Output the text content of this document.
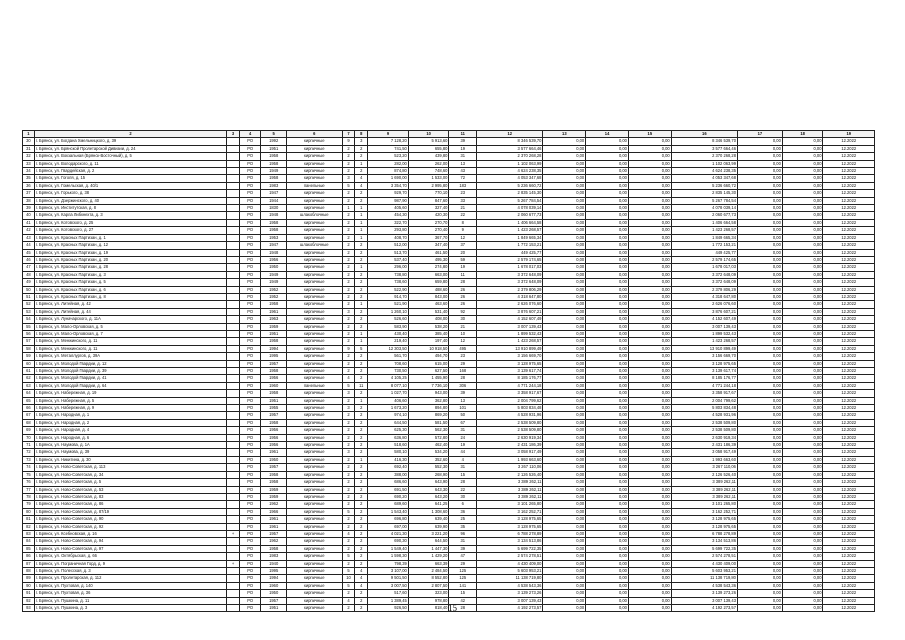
1	2	3	4	5	6	7	8	9	10	11	12	13	14	15	16	17	18	19
30	г. Брянск, ул. Богдана Хмельницкого, д. 39		РО	1992	кирпичные	9	3	7 128,20	5 913,60	39	8 346 539,70	0,00	0,00	0,00	8 346 539,70	0,00	0,00	12.2022
31	г. Брянск, ул. Брянской Пролетарской Дивизии, д. 24		РО	1951	кирпичные	2	2	741,50	655,80	19	3 577 664,46	0,00	0,00	0,00	3 577 664,46	0,00	0,00	12.2022
32	г. Брянск, ул. Вокзальная (Брянск-Восточный), д. 5		РО	1958	кирпичные	2	2	523,20	439,80	31	2 370 268,28	0,00	0,00	0,00	2 370 268,28	0,00	0,00	12.2022
33	г. Брянск, ул. Володарского, д. 11		РО	1958	кирпичные	2	1	282,00	262,00	13	1 102 063,99	0,00	0,00	0,00	1 102 063,99	0,00	0,00	12.2022
34	г. Брянск, ул. Гвардейская, д. 2		РО	1949	кирпичные	2	2	874,80	748,60	43	4 624 238,35	0,00	0,00	0,00	4 624 238,35	0,00	0,00	12.2022
35	г. Брянск, ул. Гоголя, д. 15		РО	1958	кирпичные	3	4	1 690,00	1 533,00	72	4 053 347,68	0,00	0,00	0,00	4 053 347,68	0,00	0,00	12.2022
36	г. Брянск, ул. Гомельская, д. 40/1		РО	1983	панельные	5	4	3 354,70	2 995,80	183	5 236 660,72	0,00	0,00	0,00	5 236 660,72	0,00	0,00	12.2022
37	г. Брянск, ул. Горького, д. 38		РО	1947	кирпичные	2	2	929,70	770,10	23	2 835 145,30	0,00	0,00	0,00	2 835 145,30	0,00	0,00	12.2022
38	г. Брянск, ул. Дзержинского, д. 40		РО	1944	кирпичные	2	2	987,90	847,60	33	5 267 784,54	0,00	0,00	0,00	5 267 784,54	0,00	0,00	12.2022
39	г. Брянск, ул. Институтская, д. 8		РО	1830	кирпичные	1	1	405,60	327,40	21	4 078 039,14	0,00	0,00	0,00	4 078 039,14	0,00	0,00	12.2022
40	г. Брянск, ул. Карла Либкнехта, д. 3		РО	1948	шлакоблочные	2	1	454,30	420,30	22	2 060 677,73	0,00	0,00	0,00	2 060 677,73	0,00	0,00	12.2022
41	г. Брянск, ул. Котовского, д. 25		РО	1958	кирпичные	2	1	322,70	270,70	8	1 406 664,58	0,00	0,00	0,00	1 406 664,58	0,00	0,00	12.2022
42	г. Брянск, ул. Котовского, д. 27		РО	1958	кирпичные	2	1	293,80	270,40	9	1 423 268,57	0,00	0,00	0,00	1 423 268,57	0,00	0,00	12.2022
43	г. Брянск, ул. Красных Партизан, д. 1		РО	1953	кирпичные	2	1	408,70	367,70	12	1 849 665,34	0,00	0,00	0,00	1 849 665,34	0,00	0,00	12.2022
44	г. Брянск, ул. Красных Партизан, д. 12		РО	1947	шлакоблочные	2	2	512,00	347,40	37	1 772 153,21	0,00	0,00	0,00	1 772 153,21	0,00	0,00	12.2022
45	г. Брянск, ул. Красных Партизан, д. 19		РО	1948	кирпичные	2	2	513,70	461,50	20	449 425,77	0,00	0,00	0,00	449 425,77	0,00	0,00	12.2022
46	г. Брянск, ул. Красных Партизан, д. 20		РО	1956	кирпичные	2	2	537,40	495,30	59	2 579 174,65	0,00	0,00	0,00	2 579 174,65	0,00	0,00	12.2022
47	г. Брянск, ул. Красных Партизан, д. 28		РО	1950	кирпичные	2	1	296,00	274,80	19	1 678 017,03	0,00	0,00	0,00	1 678 017,03	0,00	0,00	12.2022
48	г. Брянск, ул. Красных Партизан, д. 3		РО	1949	кирпичные	2	2	738,80	663,00	11	3 372 648,09	0,00	0,00	0,00	3 372 648,09	0,00	0,00	12.2022
49	г. Брянск, ул. Красных Партизан, д. 5		РО	1949	кирпичные	2	2	738,60	659,80	28	3 372 648,09	0,00	0,00	0,00	3 372 648,09	0,00	0,00	12.2022
50	г. Брянск, ул. Красных Партизан, д. 6		РО	1952	кирпичные	2	2	522,90	488,60	26	2 379 806,29	0,00	0,00	0,00	2 379 806,29	0,00	0,00	12.2022
51	г. Брянск, ул. Красных Партизан, д. 8		РО	1952	кирпичные	2	2	914,70	843,00	26	4 318 647,80	0,00	0,00	0,00	4 318 647,80	0,00	0,00	12.2022
52	г. Брянск, ул. Литейная, д. 42		РО	1958	кирпичные	2	1	521,90	463,60	26	2 626 076,60	0,00	0,00	0,00	2 626 076,60	0,00	0,00	12.2022
53	г. Брянск, ул. Литейная, д. 44		РО	1961	кирпичные	3	2	1 260,10	531,40	92	3 876 607,21	0,00	0,00	0,00	3 876 607,21	0,00	0,00	12.2022
54	г. Брянск, ул. Луначарского, д. 11А		РО	1963	кирпичные	2	2	526,60	408,00	30	4 152 607,49	0,00	0,00	0,00	4 152 607,49	0,00	0,00	12.2022
55	г. Брянск, ул. Мало-Орловская, д. 5		РО	1959	кирпичные	2	2	583,90	538,20	21	3 007 139,43	0,00	0,00	0,00	3 007 139,43	0,00	0,00	12.2022
56	г. Брянск, ул. Мало-Орловская, д. 7		РО	1951	кирпичные	2	1	430,40	385,40	10	1 899 532,43	0,00	0,00	0,00	1 899 532,43	0,00	0,00	12.2022
57	г. Брянск, ул. Менжинского, д. 11		РО	1958	кирпичные	2	1	219,40	197,40	12	1 423 268,57	0,00	0,00	0,00	1 423 268,57	0,00	0,00	12.2022
58	г. Брянск, ул. Менжинского, д. 11		РО	1994	кирпичные	9	5	12 303,50	10 918,50	495	13 910 899,49	0,00	0,00	0,00	13 910 899,49	0,00	0,00	12.2022
59	г. Брянск, ул. Металлургов, д. 39А		РО	1995	кирпичные	2	2	561,70	494,70	23	3 156 669,70	0,00	0,00	0,00	3 156 669,70	0,00	0,00	12.2022
60	г. Брянск, ул. Молодой Гвардии, д. 12		РО	1957	кирпичные	2	2	708,60	615,00	29	3 128 975,65	0,00	0,00	0,00	3 128 975,65	0,00	0,00	12.2022
61	г. Брянск, ул. Молодой Гвардии, д. 39		РО	1958	кирпичные	2	2	730,50	627,50	168	3 139 617,74	0,00	0,00	0,00	3 139 617,74	0,00	0,00	12.2022
62	г. Брянск, ул. Молодой Гвардии, д. 41		РО	1956	кирпичные	4	2	4 105,25	1 455,90	28	8 185 176,77	0,00	0,00	0,00	8 185 176,77	0,00	0,00	12.2022
63	г. Брянск, ул. Молодой Гвардии, д. 64		РО	1960	панельные	5	11	8 077,10	7 736,10	306	4 771 244,18	0,00	0,00	0,00	4 771 244,18	0,00	0,00	12.2022
64	г. Брянск, ул. Набережная, д. 19		РО	1958	кирпичные	3	2	1 027,70	943,00	39	3 358 917,67	0,00	0,00	0,00	3 358 917,67	0,00	0,00	12.2022
65	г. Брянск, ул. Набережная, д. 5		РО	1951	кирпичные	2	1	406,60	362,80	13	2 004 799,62	0,00	0,00	0,00	2 004 799,62	0,00	0,00	12.2022
66	г. Брянск, ул. Набережная, д. 9		РО	1955	кирпичные	3	2	1 673,20	894,80	101	5 803 834,48	0,00	0,00	0,00	5 803 834,48	0,00	0,00	12.2022
67	г. Брянск, ул. Народная, д. 1		РО	1957	кирпичные	2	2	974,10	869,20	50	4 528 931,96	0,00	0,00	0,00	4 528 931,96	0,00	0,00	12.2022
68	г. Брянск, ул. Народная, д. 2		РО	1958	кирпичные	2	2	644,50	581,50	67	2 538 509,80	0,00	0,00	0,00	2 538 509,80	0,00	0,00	12.2022
69	г. Брянск, ул. Народная, д. 4		РО	1956	кирпичные	2	2	625,30	562,30	31	2 538 509,80	0,00	0,00	0,00	2 538 509,80	0,00	0,00	12.2022
70	г. Брянск, ул. Народная, д. 6		РО	1956	кирпичные	2	2	636,80	572,80	24	2 630 919,34	0,00	0,00	0,00	2 630 919,34	0,00	0,00	12.2022
71	г. Брянск, ул. Наумова, д. 1А		РО	1956	кирпичные	2	2	518,60	462,40	19	2 431 186,39	0,00	0,00	0,00	2 431 186,39	0,00	0,00	12.2022
72	г. Брянск, ул. Наумова, д. 39		РО	1961	кирпичные	3	2	580,10	534,20	44	3 058 917,49	0,00	0,00	0,00	3 058 917,49	0,00	0,00	12.2022
73	г. Брянск, ул. Никитина, д. 30		РО	1950	кирпичные	2	1	416,30	352,60	4	1 993 663,60	0,00	0,00	0,00	1 993 663,60	0,00	0,00	12.2022
74	г. Брянск, ул. Ново-Советская, д. 113		РО	1957	кирпичные	2	2	692,40	552,30	31	3 267 110,06	0,00	0,00	0,00	3 267 110,06	0,00	0,00	12.2022
75	г. Брянск, ул. Ново-Советская, д. 34		РО	1958	кирпичные	2	2	388,00	268,90	15	2 126 526,40	0,00	0,00	0,00	2 126 526,40	0,00	0,00	12.2022
76	г. Брянск, ул. Ново-Советская, д. 5		РО	1958	кирпичные	2	2	686,60	643,90	28	3 389 262,11	0,00	0,00	0,00	3 389 262,11	0,00	0,00	12.2022
77	г. Брянск, ул. Ново-Советская, д. 53		РО	1959	кирпичные	2	2	691,50	643,30	22	3 389 262,11	0,00	0,00	0,00	3 389 262,11	0,00	0,00	12.2022
78	г. Брянск, ул. Ново-Советская, д. 83		РО	1959	кирпичные	2	2	690,20	643,20	30	3 389 262,11	0,00	0,00	0,00	3 389 262,11	0,00	0,00	12.2022
79	г. Брянск, ул. Ново-Советская, д. 86		РО	1962	кирпичные	2	2	689,60	641,25	6	3 101 265,80	0,00	0,00	0,00	3 101 265,80	0,00	0,00	12.2022
80	г. Брянск, ул. Ново-Советская, д. 87/19		РО	1966	кирпичные	5	2	1 543,40	1 308,60	36	3 162 252,71	0,00	0,00	0,00	3 162 252,71	0,00	0,00	12.2022
81	г. Брянск, ул. Ново-Советская, д. 90		РО	1961	кирпичные	2	2	696,80	639,40	25	3 128 975,65	0,00	0,00	0,00	3 128 975,65	0,00	0,00	12.2022
82	г. Брянск, ул. Ново-Советская, д. 92		РО	1961	кирпичные	2	2	697,00	639,90	35	3 128 975,65	0,00	0,00	0,00	3 128 975,65	0,00	0,00	12.2022
83	г. Брянск, ул. Ксебновская, д. 16	+	РО	1957	кирпичные	4	2	4 021,30	3 221,20	96	6 788 278,89	0,00	0,00	0,00	6 788 278,89	0,00	0,00	12.2022
84	г. Брянск, ул. Ново-Советская, д. 94		РО	1962	кирпичные	2	2	690,30	644,50	31	3 134 513,86	0,00	0,00	0,00	3 134 513,86	0,00	0,00	12.2022
85	г. Брянск, ул. Ново-Советская, д. 97		РО	1958	кирпичные	2	2	1 549,40	1 447,30	39	5 699 722,35	0,00	0,00	0,00	5 699 722,35	0,00	0,00	12.2022
86	г. Брянск, ул. Октябрьская, д. 66		РО	1983	кирпичные	5	2	1 598,30	1 429,20	47	2 574 278,51	0,00	0,00	0,00	2 574 278,51	0,00	0,00	12.2022
87	г. Брянск, ул. Пограничная Горд, д. 9	+	РО	1940	кирпичные	2	2	798,39	663,39	29	4 430 409,00	0,00	0,00	0,00	4 430 409,00	0,00	0,00	12.2022
88	г. Брянск, ул. Полесская, д. 3		РО	1995	кирпичные	5	4	3 107,00	2 484,50	125	5 603 953,21	0,00	0,00	0,00	5 603 953,21	0,00	0,00	12.2022
89	г. Брянск, ул. Пролетарская, д. 112		РО	1994	кирпичные	10	4	9 501,50	8 552,80	125	11 138 719,80	0,00	0,00	0,00	11 138 719,80	0,00	0,00	12.2022
90	г. Брянск, ул. Пухтовая, д. 140		РО	1960	кирпичные	5	4	3 007,50	2 807,50	141	4 538 543,36	0,00	0,00	0,00	4 538 543,36	0,00	0,00	12.2022
91	г. Брянск, ул. Пухтовая, д. 36		РО	1950	кирпичные	2	2	517,60	323,00	15	3 139 273,26	0,00	0,00	0,00	3 139 273,26	0,00	0,00	12.2022
92	г. Брянск, ул. Пушкина, д. 11		РО	1957	кирпичные	4	2	1 389,45	978,80	42	3 007 139,43	0,00	0,00	0,00	3 007 139,43	0,00	0,00	12.2022
93	г. Брянск, ул. Пушкина, д. 3		РО	1951	кирпичные	2	2	926,50	818,40	28	4 192 273,57	0,00	0,00	0,00	4 192 273,57	0,00	0,00	12.2022
15
